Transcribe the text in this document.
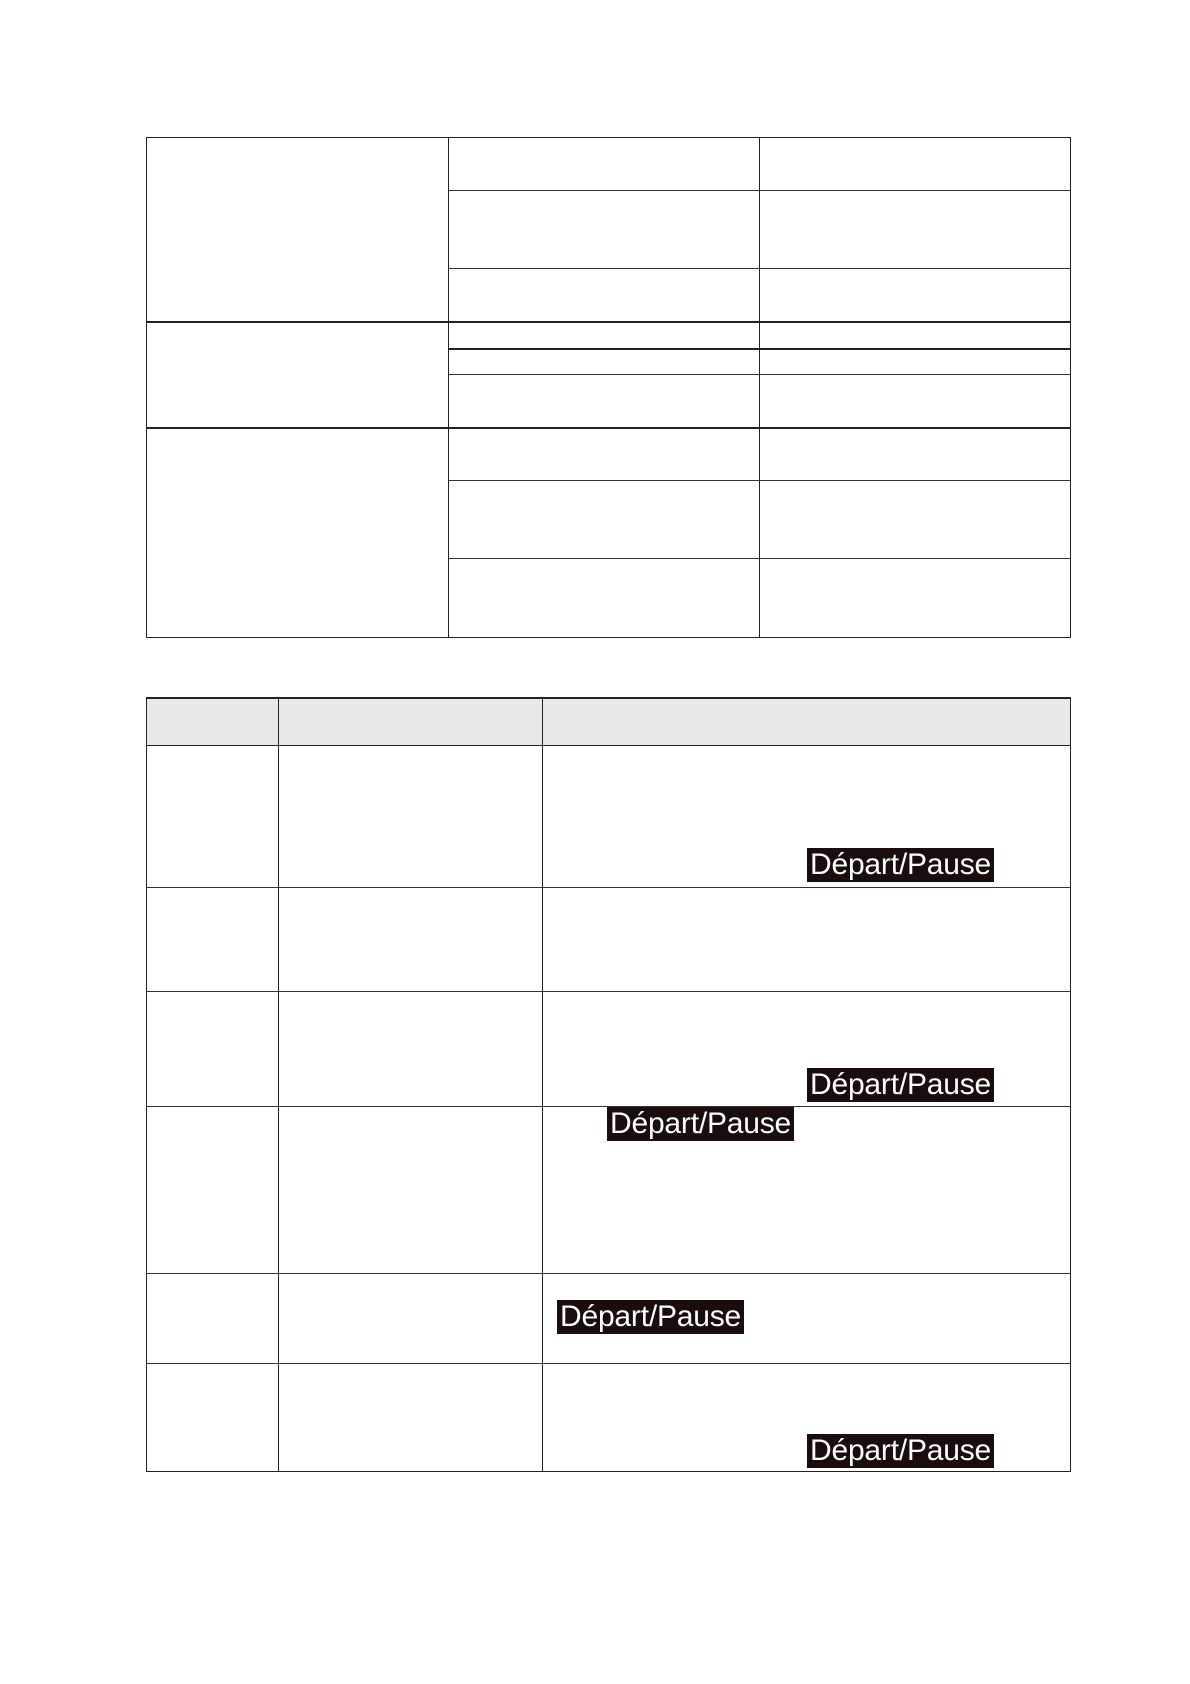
Départ/Pause
Départ/Pause
Départ/Pause
Départ/Pause
Départ/Pause
